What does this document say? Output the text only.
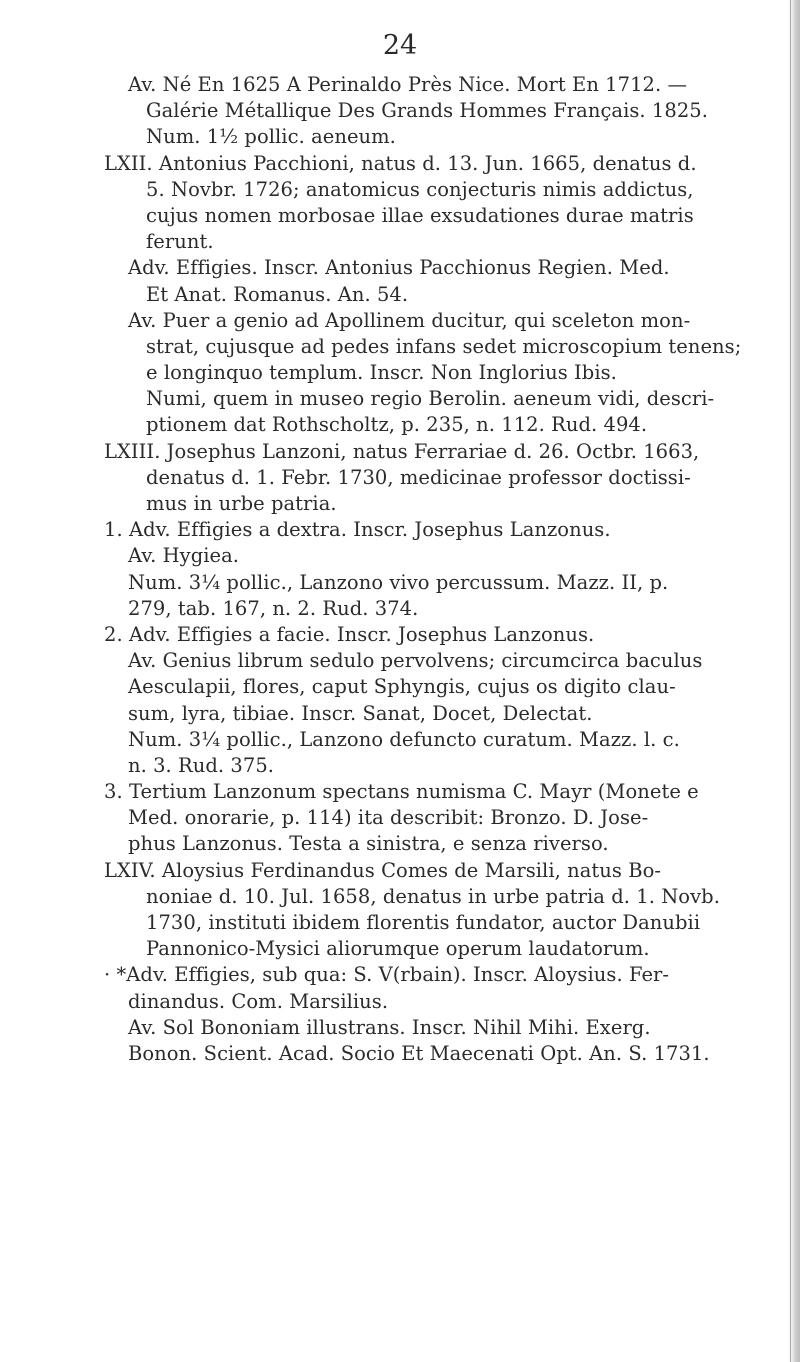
24
Av. Né En 1625 A Perinaldo Près Nice. Mort En 1712. —
Galérie Métallique Des Grands Hommes Français. 1825.
Num. 1½ pollic. aeneum.
LXII. Antonius Pacchioni, natus d. 13. Jun. 1665, denatus d.
5. Novbr. 1726; anatomicus conjecturis nimis addictus,
cujus nomen morbosae illae exsudationes durae matris
ferunt.
Adv. Effigies. Inscr. Antonius Pacchionus Regien. Med.
Et Anat. Romanus. An. 54.
Av. Puer a genio ad Apollinem ducitur, qui sceleton mon-
strat, cujusque ad pedes infans sedet microscopium tenens;
e longinquo templum. Inscr. Non Inglorius Ibis.
Numi, quem in museo regio Berolin. aeneum vidi, descri-
ptionem dat Rothscholtz, p. 235, n. 112. Rud. 494.
LXIII. Josephus Lanzoni, natus Ferrariae d. 26. Octbr. 1663,
denatus d. 1. Febr. 1730, medicinae professor doctissi-
mus in urbe patria.
1. Adv. Effigies a dextra. Inscr. Josephus Lanzonus.
Av. Hygiea.
Num. 3¼ pollic., Lanzono vivo percussum. Mazz. II, p.
279, tab. 167, n. 2. Rud. 374.
2. Adv. Effigies a facie. Inscr. Josephus Lanzonus.
Av. Genius librum sedulo pervolvens; circumcirca baculus
Aesculapii, flores, caput Sphyngis, cujus os digito clau-
sum, lyra, tibiae. Inscr. Sanat, Docet, Delectat.
Num. 3¼ pollic., Lanzono defuncto curatum. Mazz. l. c.
n. 3. Rud. 375.
3. Tertium Lanzonum spectans numisma C. Mayr (Monete e
Med. onorarie, p. 114) ita describit: Bronzo. D. Jose-
phus Lanzonus. Testa a sinistra, e senza riverso.
LXIV. Aloysius Ferdinandus Comes de Marsili, natus Bo-
noniae d. 10. Jul. 1658, denatus in urbe patria d. 1. Novb.
1730, instituti ibidem florentis fundator, auctor Danubii
Pannonico-Mysici aliorumque operum laudatorum.
· *Adv. Effigies, sub qua: S. V(rbain). Inscr. Aloysius. Fer-
dinandus. Com. Marsilius.
Av. Sol Bononiam illustrans. Inscr. Nihil Mihi. Exerg.
Bonon. Scient. Acad. Socio Et Maecenati Opt. An. S. 1731.
